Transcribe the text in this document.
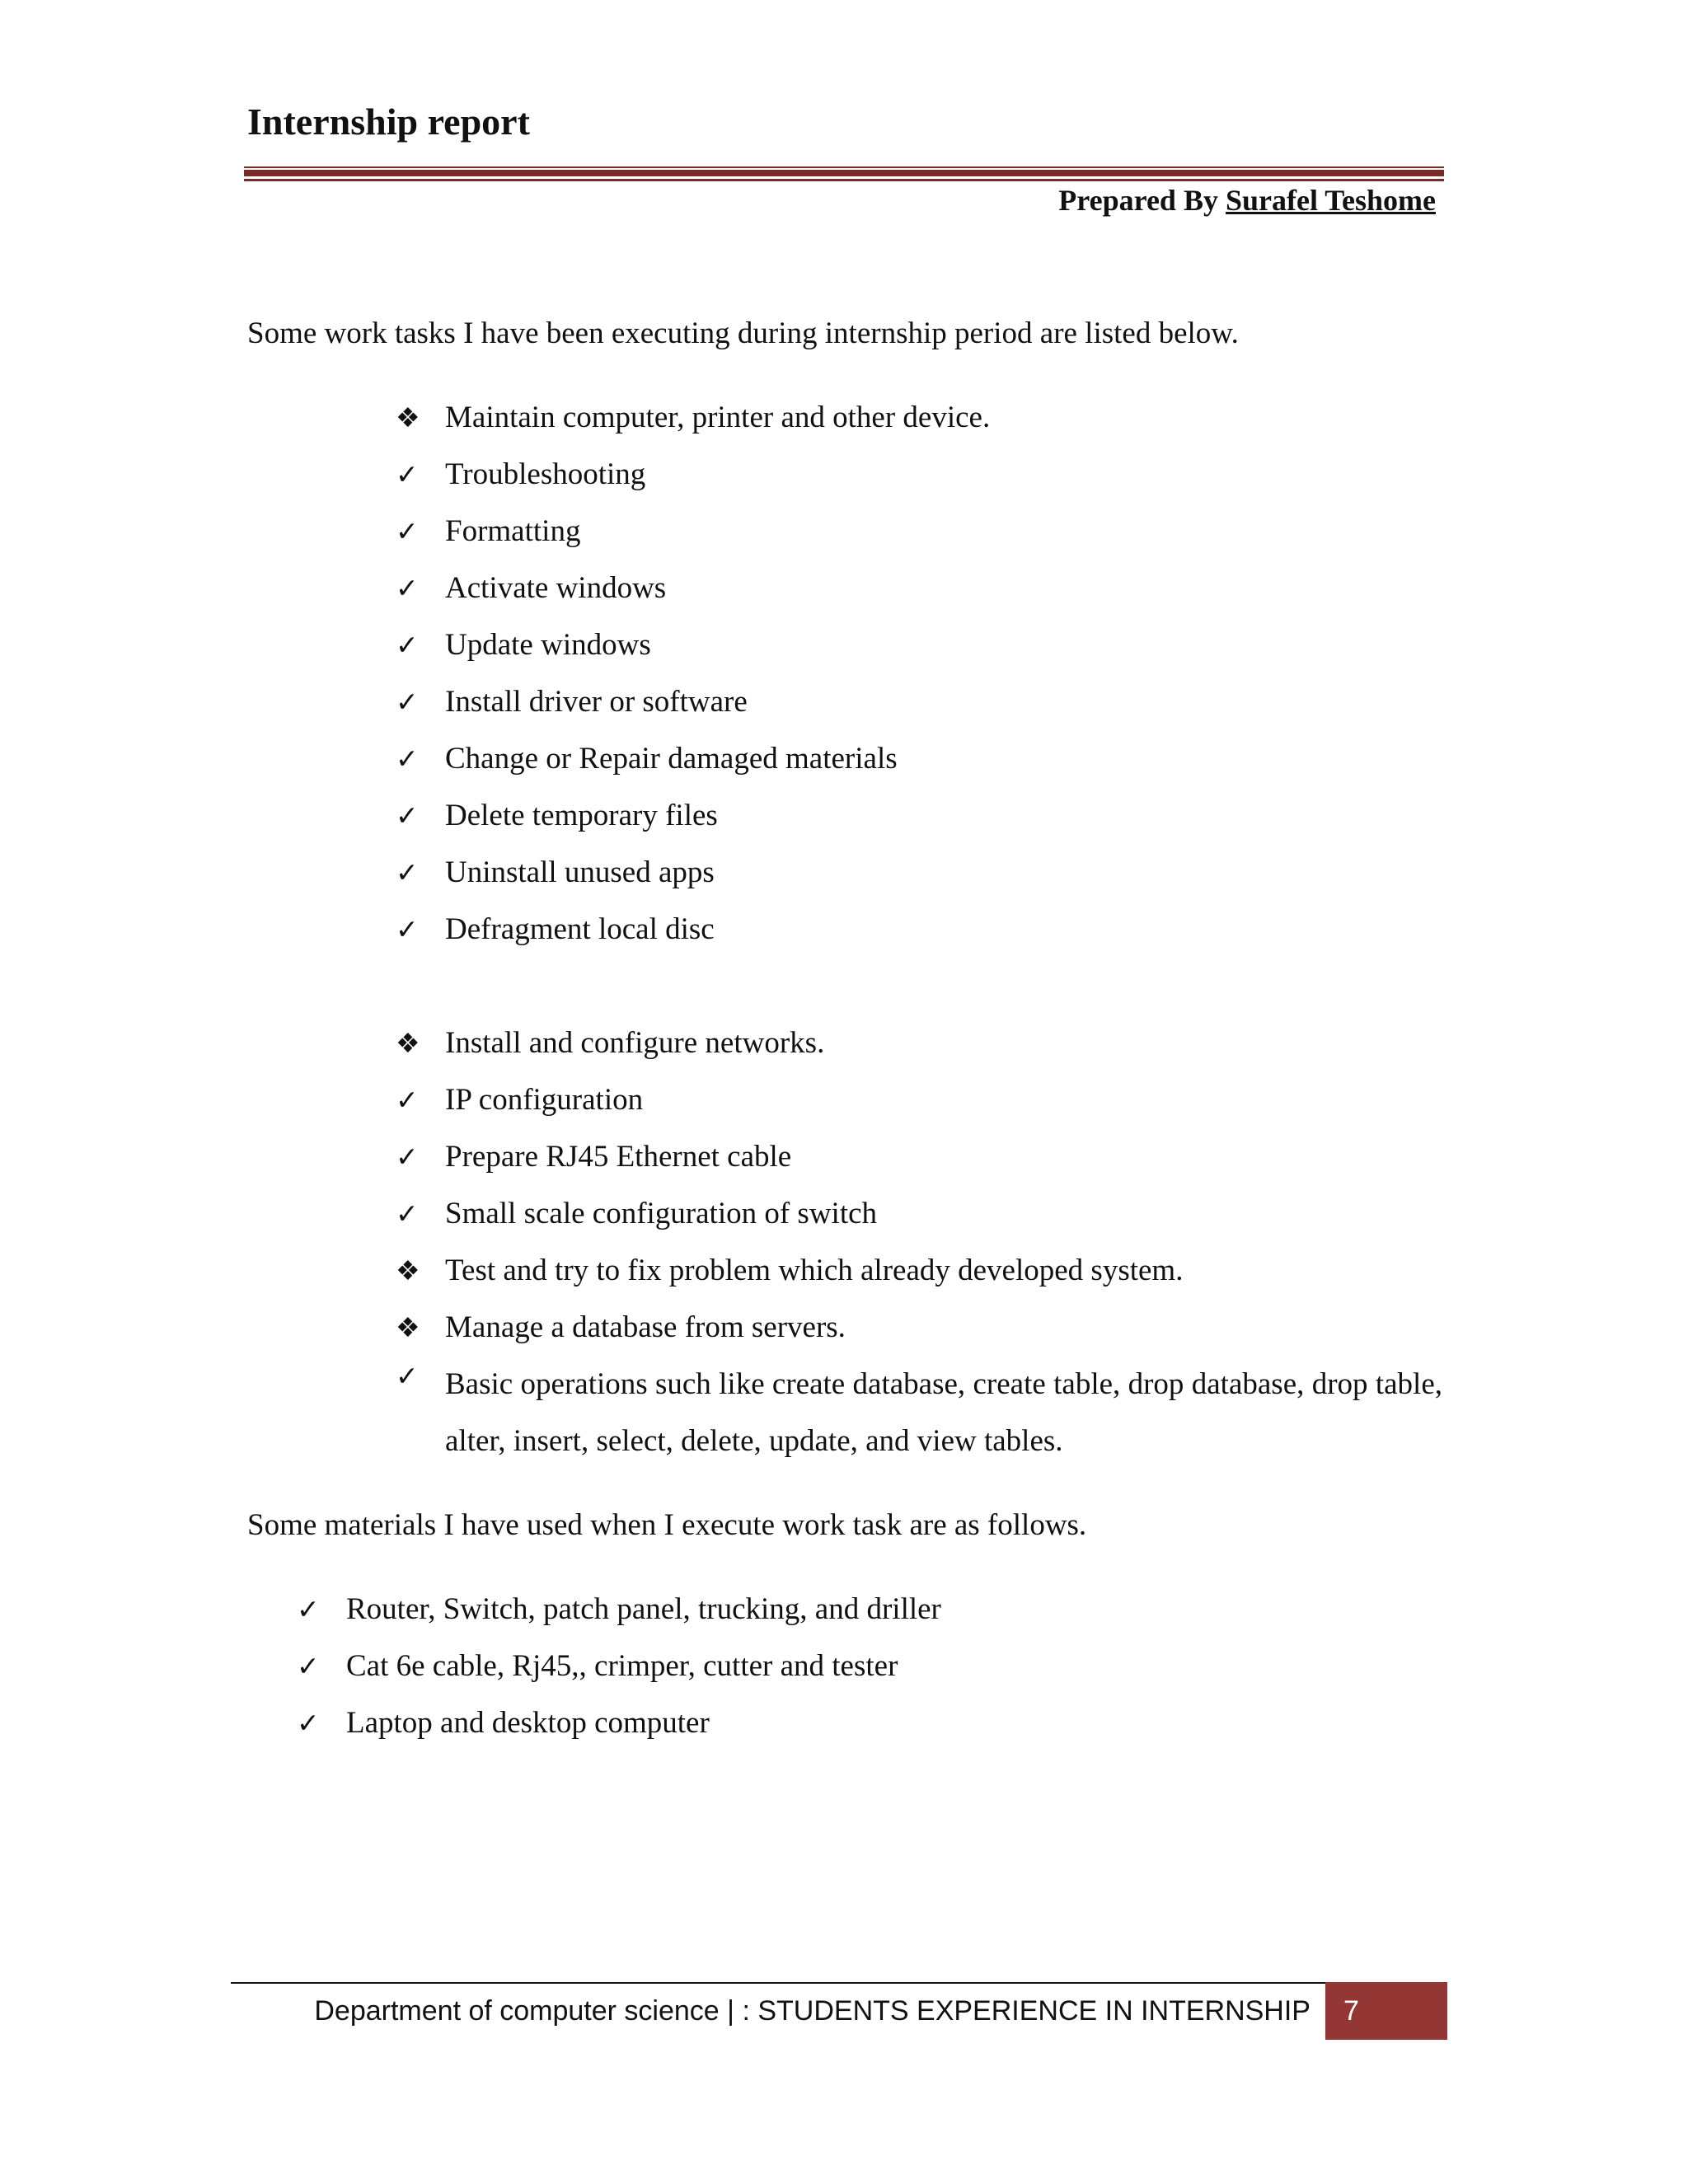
Internship report
Prepared By Surafel Teshome

Some work tasks I have been executing during internship period are listed below.

❖ Maintain computer, printer and other device.
✓ Troubleshooting
✓ Formatting
✓ Activate windows
✓ Update windows
✓ Install driver or software
✓ Change or Repair damaged materials
✓ Delete temporary files
✓ Uninstall unused apps
✓ Defragment local disc
❖ Install and configure networks.
✓ IP configuration
✓ Prepare RJ45 Ethernet cable
✓ Small scale configuration of switch
❖ Test and try to fix problem which already developed system.
❖ Manage a database from servers.
✓ Basic operations such like create database, create table, drop database, drop table, alter, insert, select, delete, update, and view tables.

Some materials I have used when I execute work task are as follows.

✓ Router, Switch, patch panel, trucking, and driller
✓ Cat 6e cable, Rj45,, crimper, cutter and tester
✓ Laptop and desktop computer
Department of computer science | : STUDENTS EXPERIENCE IN INTERNSHIP	7
